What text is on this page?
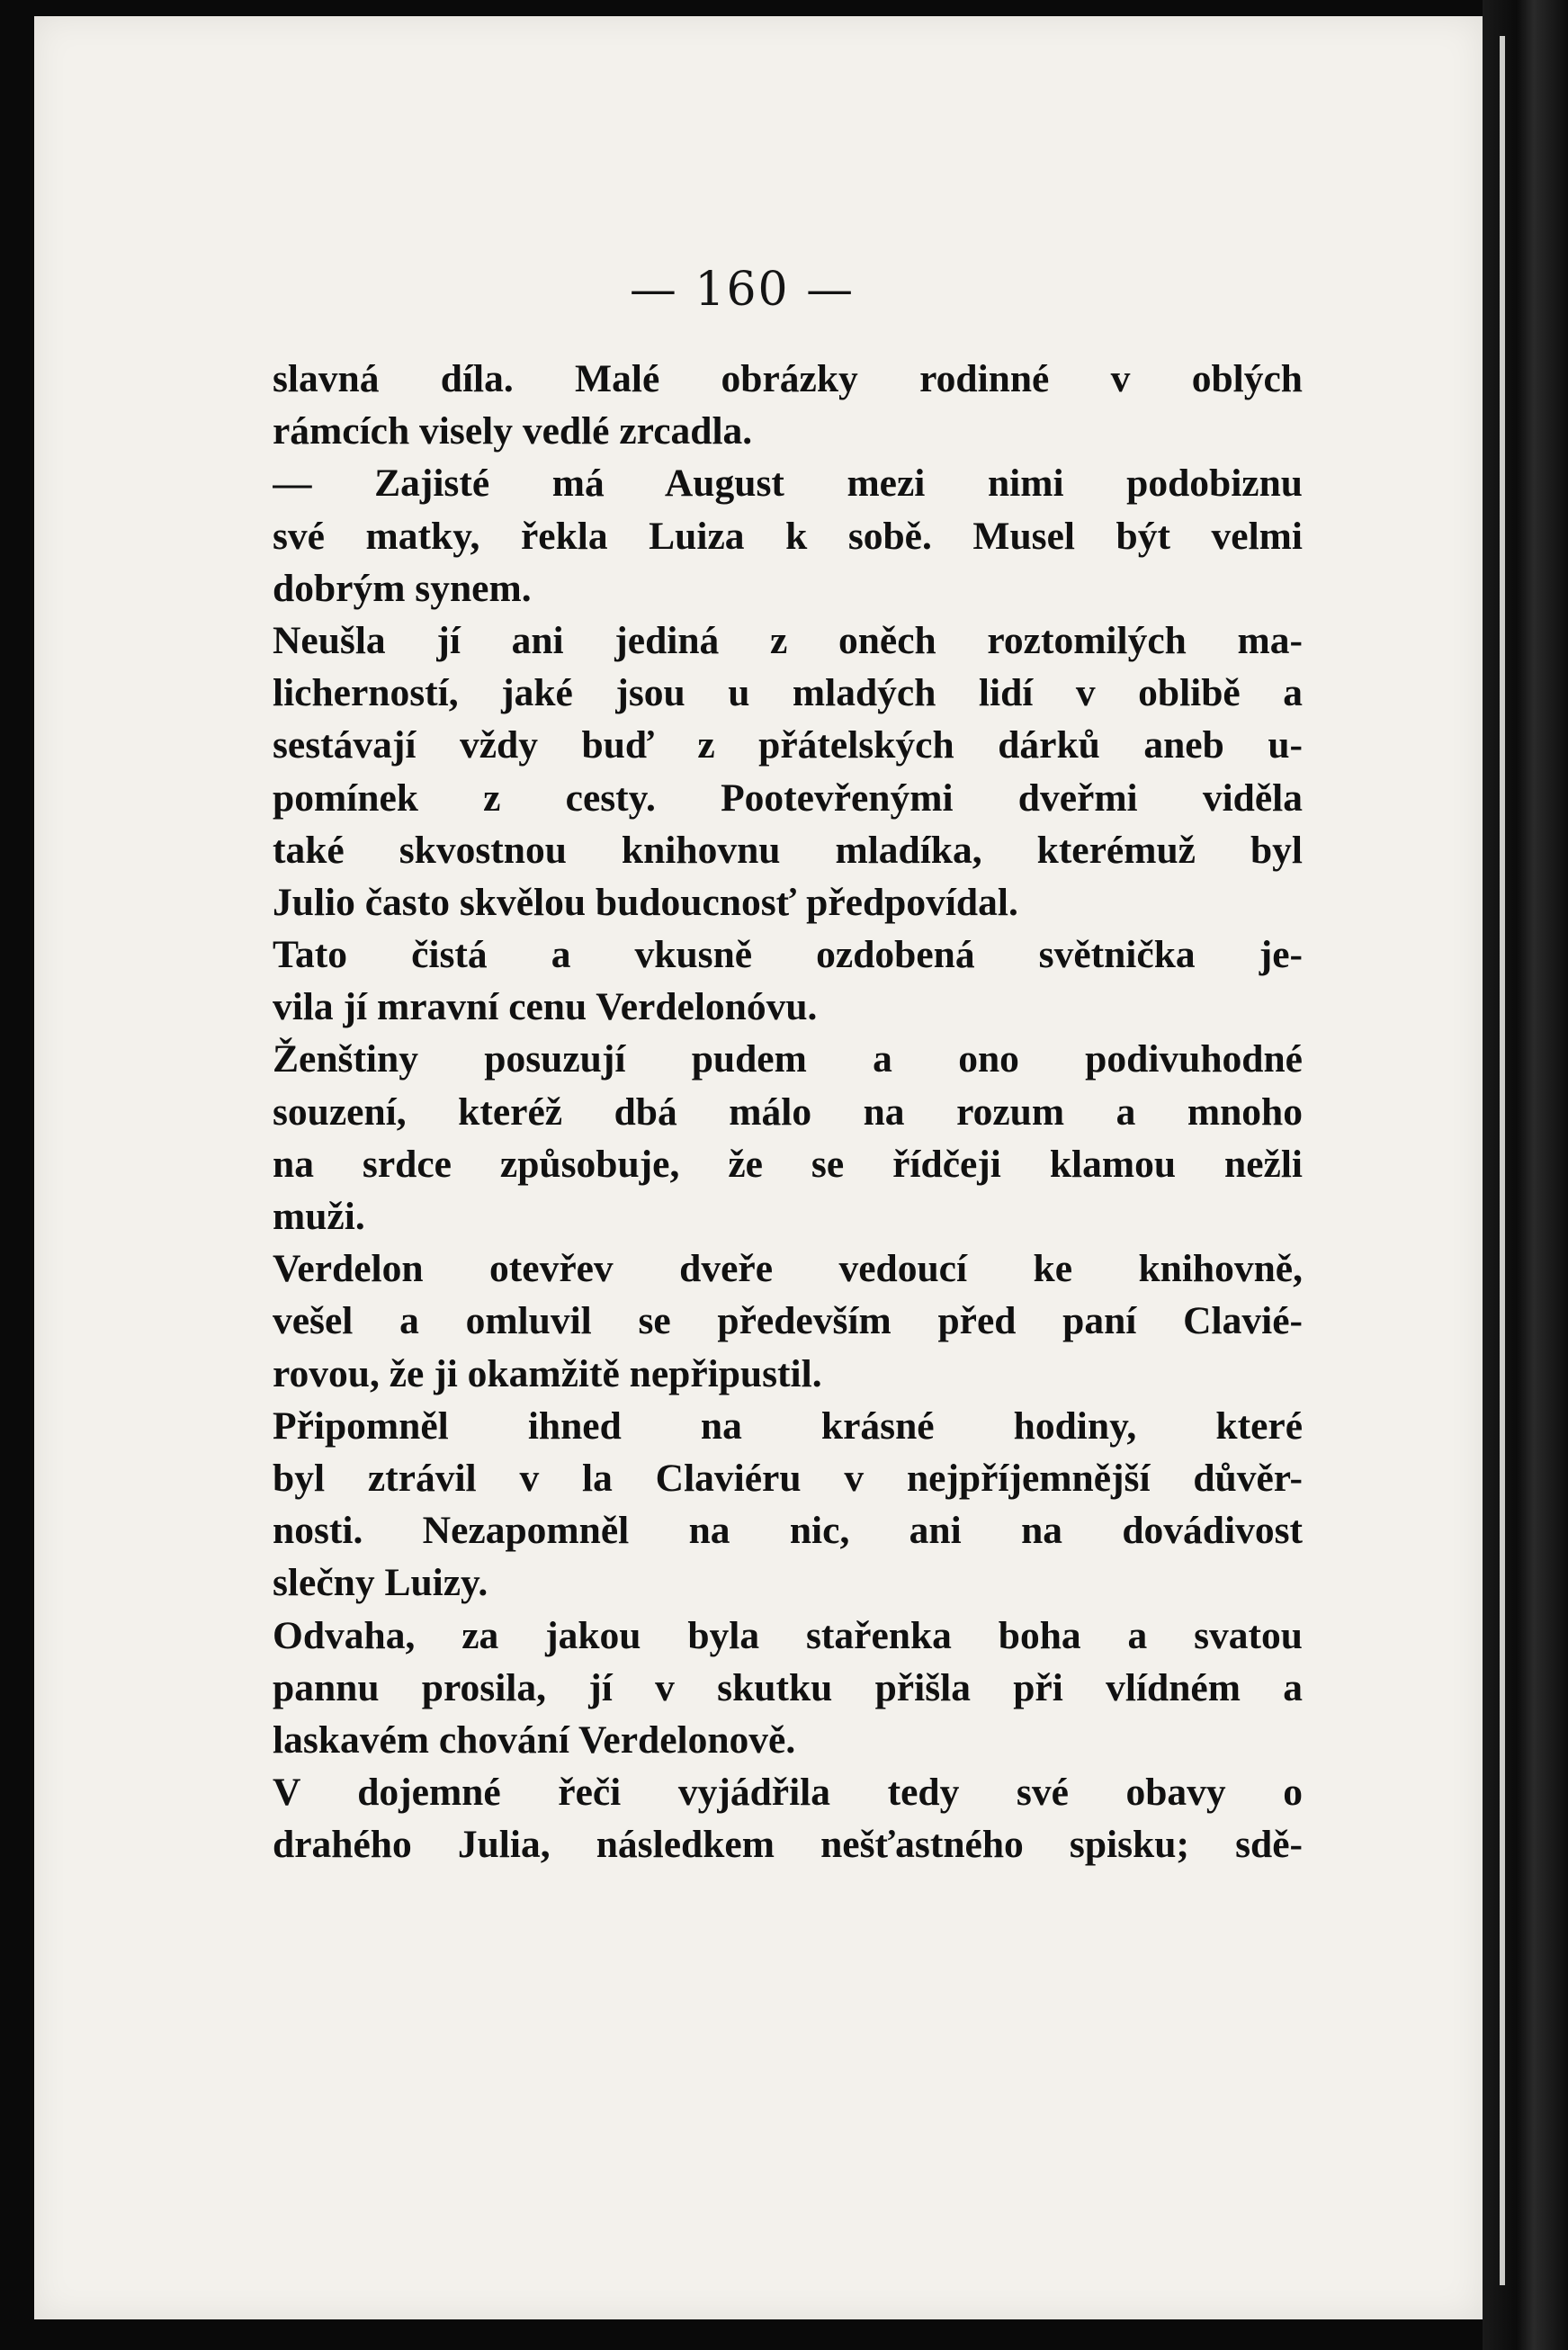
— 160 —
slavná díla. Malé obrázky rodinné v oblých
rámcích visely vedlé zrcadla.
— Zajisté má August mezi nimi podobiznu
své matky, řekla Luiza k sobě. Musel být velmi
dobrým synem.
Neušla jí ani jediná z oněch roztomilých ma-
licherností, jaké jsou u mladých lidí v oblibě a
sestávají vždy buď z přátelských dárků aneb u-
pomínek z cesty. Pootevřenými dveřmi viděla
také skvostnou knihovnu mladíka, kterémuž byl
Julio často skvělou budoucnosť předpovídal.
Tato čistá a vkusně ozdobená světnička je-
vila jí mravní cenu Verdelonóvu.
Ženštiny posuzují pudem a ono podivuhodné
souzení, kteréž dbá málo na rozum a mnoho
na srdce způsobuje, že se řídčeji klamou nežli
muži.
Verdelon otevřev dveře vedoucí ke knihovně,
vešel a omluvil se především před paní Clavié-
rovou, že ji okamžitě nepřipustil.
Připomněl ihned na krásné hodiny, které
byl ztrávil v la Claviéru v nejpříjemnější důvěr-
nosti. Nezapomněl na nic, ani na dovádivost
slečny Luizy.
Odvaha, za jakou byla stařenka boha a svatou
pannu prosila, jí v skutku přišla při vlídném a
laskavém chování Verdelonově.
V dojemné řeči vyjádřila tedy své obavy o
drahého Julia, následkem nešťastného spisku; sdě-
